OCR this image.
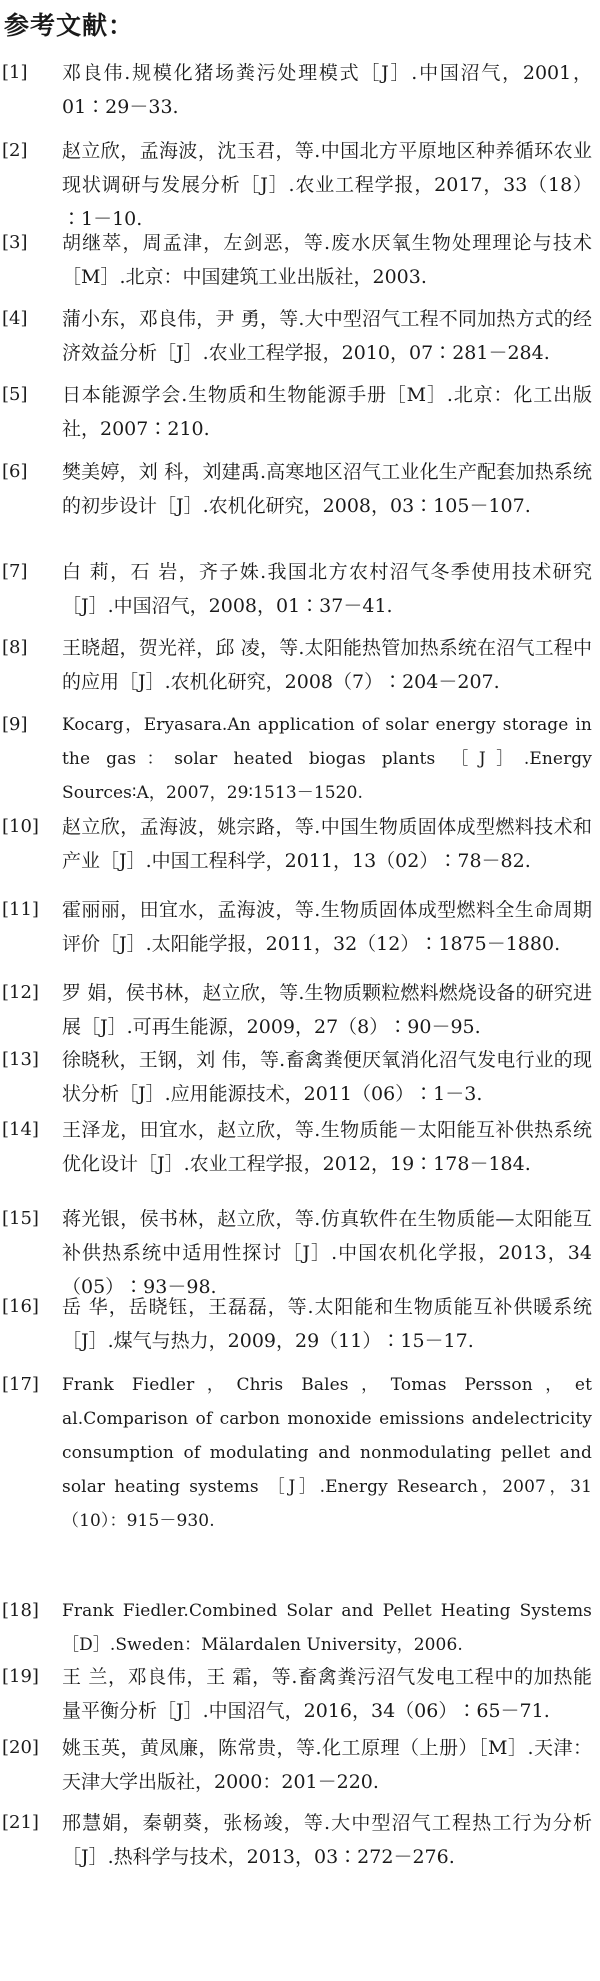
参考文献：
[1] 邓良伟.规模化猪场粪污处理模式［J］.中国沼气，2001，01∶29－33.

[2] 赵立欣，孟海波，沈玉君，等.中国北方平原地区种养循环农业现状调研与发展分析［J］.农业工程学报，2017，33（18）∶1－10.

[3] 胡继萃，周孟津，左剑恶，等.废水厌氧生物处理理论与技术［M］.北京：中国建筑工业出版社，2003.

[4] 蒲小东，邓良伟，尹 勇，等.大中型沼气工程不同加热方式的经济效益分析［J］.农业工程学报，2010，07∶281－284.

[5] 日本能源学会.生物质和生物能源手册［M］.北京：化工出版社，2007∶210.

[6] 樊美婷，刘 科，刘建禹.高寒地区沼气工业化生产配套加热系统的初步设计［J］.农机化研究，2008，03∶105－107.

[7] 白 莉，石 岩，齐子姝.我国北方农村沼气冬季使用技术研究［J］.中国沼气，2008，01∶37－41.

[8] 王晓超，贺光祥，邱 凌，等.太阳能热管加热系统在沼气工程中的应用［J］.农机化研究，2008（7）∶204－207.

[9] Kocarg，Eryasara.An application of solar energy storage in the gas：solar heated biogas plants ［J］.Energy Sources∶A，2007，29∶1513－1520.

[10] 赵立欣，孟海波，姚宗路，等.中国生物质固体成型燃料技术和产业［J］.中国工程科学，2011，13（02）∶78－82.

[11] 霍丽丽，田宜水，孟海波，等.生物质固体成型燃料全生命周期评价［J］.太阳能学报，2011，32（12）∶1875－1880.

[12] 罗 娟，侯书林，赵立欣，等.生物质颗粒燃料燃烧设备的研究进展［J］.可再生能源，2009，27（8）∶90－95.

[13] 徐晓秋，王钢，刘 伟，等.畜禽粪便厌氧消化沼气发电行业的现状分析［J］.应用能源技术，2011（06）∶1－3.

[14] 王泽龙，田宜水，赵立欣，等.生物质能－太阳能互补供热系统优化设计［J］.农业工程学报，2012，19∶178－184.

[15] 蒋光银，侯书林，赵立欣，等.仿真软件在生物质能—太阳能互补供热系统中适用性探讨［J］.中国农机化学报，2013，34（05）∶93－98.

[16] 岳 华，岳晓钰，王磊磊，等.太阳能和生物质能互补供暖系统［J］.煤气与热力，2009，29（11）∶15－17.

[17] Frank Fiedler，Chris Bales，Tomas Persson，et al.Comparison of carbon monoxide emissions andelectricity consumption of modulating and nonmodulating pellet and solar heating systems ［J］.Energy Research，2007，31（10）：915－930.

[18] Frank Fiedler.Combined Solar and Pellet Heating Systems［D］.Sweden：Mälardalen University，2006.

[19] 王 兰，邓良伟，王 霜，等.畜禽粪污沼气发电工程中的加热能量平衡分析［J］.中国沼气，2016，34（06）∶65－71.

[20] 姚玉英，黄凤廉，陈常贵，等.化工原理（上册）［M］.天津：天津大学出版社，2000：201－220.

[21] 邢慧娟，秦朝葵，张杨竣，等.大中型沼气工程热工行为分析［J］.热科学与技术，2013，03∶272－276.
